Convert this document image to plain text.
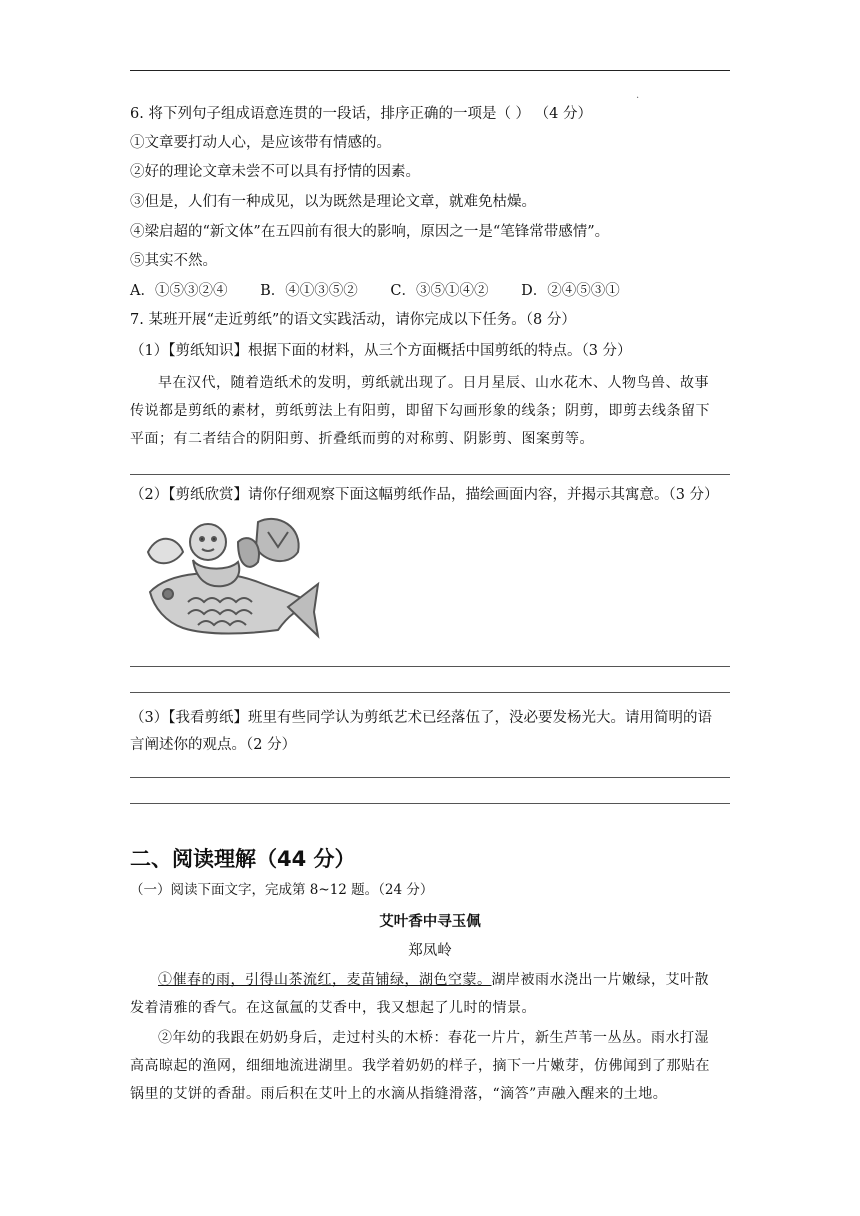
.
6. 将下列句子组成语意连贯的一段话，排序正确的一项是（ ） （4 分）
①文章要打动人心，是应该带有情感的。
②好的理论文章未尝不可以具有抒情的因素。
③但是，人们有一种成见，以为既然是理论文章，就难免枯燥。
④梁启超的“新文体”在五四前有很大的影响，原因之一是“笔锋常带感情”。
⑤其实不然。
A．①⑤③②④ B．④①③⑤② C．③⑤①④② D．②④⑤③①
7. 某班开展“走近剪纸”的语文实践活动，请你完成以下任务。（8 分）
（1）【剪纸知识】根据下面的材料，从三个方面概括中国剪纸的特点。（3 分）
早在汉代，随着造纸术的发明，剪纸就出现了。日月星辰、山水花木、人物鸟兽、故事
传说都是剪纸的素材，剪纸剪法上有阳剪，即留下勾画形象的线条；阴剪，即剪去线条留下
平面；有二者结合的阴阳剪、折叠纸而剪的对称剪、阴影剪、图案剪等。
（2）【剪纸欣赏】请你仔细观察下面这幅剪纸作品，描绘画面内容，并揭示其寓意。（3 分）
（3）【我看剪纸】班里有些同学认为剪纸艺术已经落伍了，没必要发杨光大。请用简明的语
言阐述你的观点。（2 分）
二、阅读理解（44 分）
（一）阅读下面文字，完成第 8~12 题。（24 分）
艾叶香中寻玉佩
郑凤岭
①催春的雨，引得山茶流红，麦苗铺绿，湖色空蒙。湖岸被雨水浇出一片嫩绿，艾叶散
发着清雅的香气。在这氤氲的艾香中，我又想起了儿时的情景。
②年幼的我跟在奶奶身后，走过村头的木桥：春花一片片，新生芦苇一丛丛。雨水打湿
高高晾起的渔网，细细地流进湖里。我学着奶奶的样子，摘下一片嫩芽，仿佛闻到了那贴在
锅里的艾饼的香甜。雨后积在艾叶上的水滴从指缝滑落，“滴答”声融入醒来的土地。
